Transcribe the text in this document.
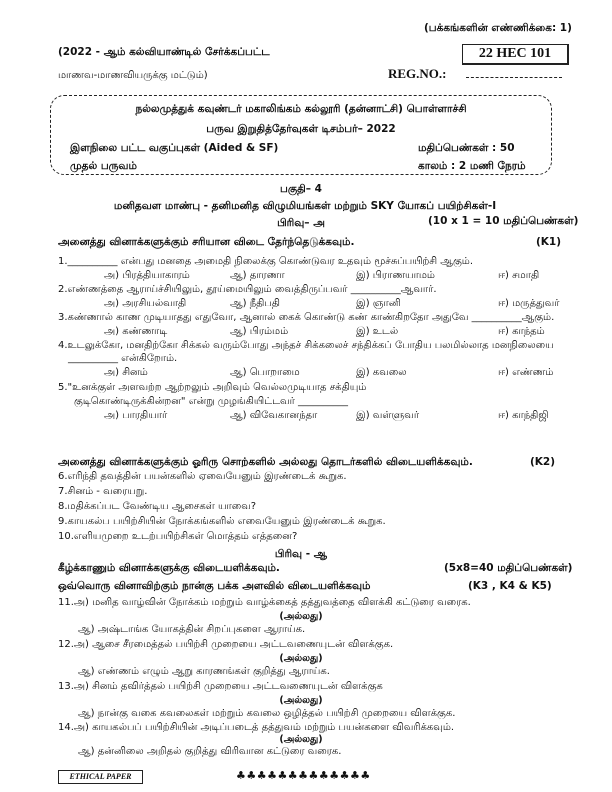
(பக்கங்களின் எண்ணிக்கை: 1)
(2022 - ஆம் கல்வியாண்டில் சேர்க்கப்பட்ட	22 HEC 101
மாணவ-மாணவியருக்கு மட்டும்)	REG.NO.:
நல்லமுத்துக் கவுண்டர் மகாலிங்கம் கல்லூரி (தன்னாட்சி) பொள்ளாச்சி
பருவ இறுதித்தேர்வுகள் டிசம்பர்– 2022
இளநிலை பட்ட வகுப்புகள் (Aided & SF)	மதிப்பெண்கள் : 50
முதல் பருவம்	காலம் : 2 மணி நேரம்
பகுதி– 4
மனிதவள மாண்பு - தனிமனித விழுமியங்கள் மற்றும் SKY யோகப் பயிற்சிகள்-I
பிரிவு– அ	(10 x 1 = 10 மதிப்பெண்கள்)
அனைத்து வினாக்களுக்கும் சரியான விடை தேர்ந்தெடுக்கவும்.	(K1)
1.__________ என்பது மனதை அமைதி நிலைக்கு கொண்டுவர உதவும் மூச்சுப்பயிற்சி ஆகும்.
அ) பிரத்தியாகாரம்	ஆ) தாரணா	இ) பிராணயாமம்	ஈ) சமாதி
2.எண்ணத்தை ஆராய்ச்சியிலும், தூய்மையிலும் வைத்திருப்பவர் __________ஆவார்.
அ) அரசியல்வாதி	ஆ) நீதிபதி	இ) ஞானி	ஈ) மருத்துவர்
3.கண்ணால் காண முடியாதது எதுவோ, ஆனால் கைக் கொண்டு கண் காண்கிறதோ அதுவே __________ஆகும்.
அ) கண்ணாடி	ஆ) பிரம்மம்	இ) உடல்	ஈ) காந்தம்
4.உடலுக்கோ, மனதிற்கோ சிக்கல் வரும்போது அந்தச் சிக்கலைச் சந்திக்கப் போதிய பலமில்லாத மனநிலையை
__________ என்கிறோம்.
அ) சினம்	ஆ) பொறாமை	இ) கவலை	ஈ) எண்ணம்
5."உனக்குள் அளவற்ற ஆற்றலும் அறிவும் வெல்லமுடியாத சக்தியும்
குடிகொண்டிருக்கின்றன" என்று முழங்கியிட்டவர் __________
அ) பாரதியார்	ஆ) விவேகானந்தா	இ) வள்ளுவர்	ஈ) காந்திஜி
அனைத்து வினாக்களுக்கும் ஓரிரு சொற்களில் அல்லது தொடர்களில் விடையளிக்கவும்.	(K2)
6.எரிந்தி தவத்தின் பயன்களில் ஏவையேனும் இரண்டைக் கூறுக.
7.சினம் - வரையறு.
8.மதிக்கப்பட வேண்டிய ஆசைகள் யாவை?
9.காயகல்ப பயிற்சியின் நோக்கங்களில் எவையேனும் இரண்டைக் கூறுக.
10.எளியமுறை உடற்பயிற்சிகள் மொத்தம் எத்தனை?
பிரிவு - ஆ
கீழ்க்காணும் வினாக்களுக்கு விடையளிக்கவும்.	(5x8=40 மதிப்பெண்கள்)
ஒவ்வொரு வினாவிற்கும் நான்கு பக்க அளவில் விடையளிக்கவும்	(K3 , K4 & K5)
11.அ) மனித வாழ்வின் நோக்கம் மற்றும் வாழ்க்கைத் தத்துவத்தை விளக்கி கட்டுரை வரைக.
(அல்லது)
ஆ) அஷ்டாங்க யோகத்தின் சிறப்புகளை ஆராய்க.
12.அ) ஆசை சீரமைத்தல் பயிற்சி முறையை அட்டவணையுடன் விளக்குக.
(அல்லது)
ஆ) எண்ணம் எழும் ஆறு காரணங்கள் குறித்து ஆராய்க.
13.அ) சினம் தவிர்த்தல் பயிற்சி முறையை அட்டவணையுடன் விளக்குக
(அல்லது)
ஆ) நான்கு வகை கவலைகள் மற்றும் கவலை ஒழித்தல் பயிற்சி முறையை விளக்குக.
14.அ) காயகல்பப் பயிற்சியின் அடிப்படைத் தத்துவம் மற்றும் பயன்களை விவரிக்கவும்.
(அல்லது)
ஆ) தன்னிலை அறிதல் குறித்து விரிவான கட்டுரை வரைக.
ETHICAL PAPER	♣♣♣♣♣♣♣♣♣♣♣♣♣
